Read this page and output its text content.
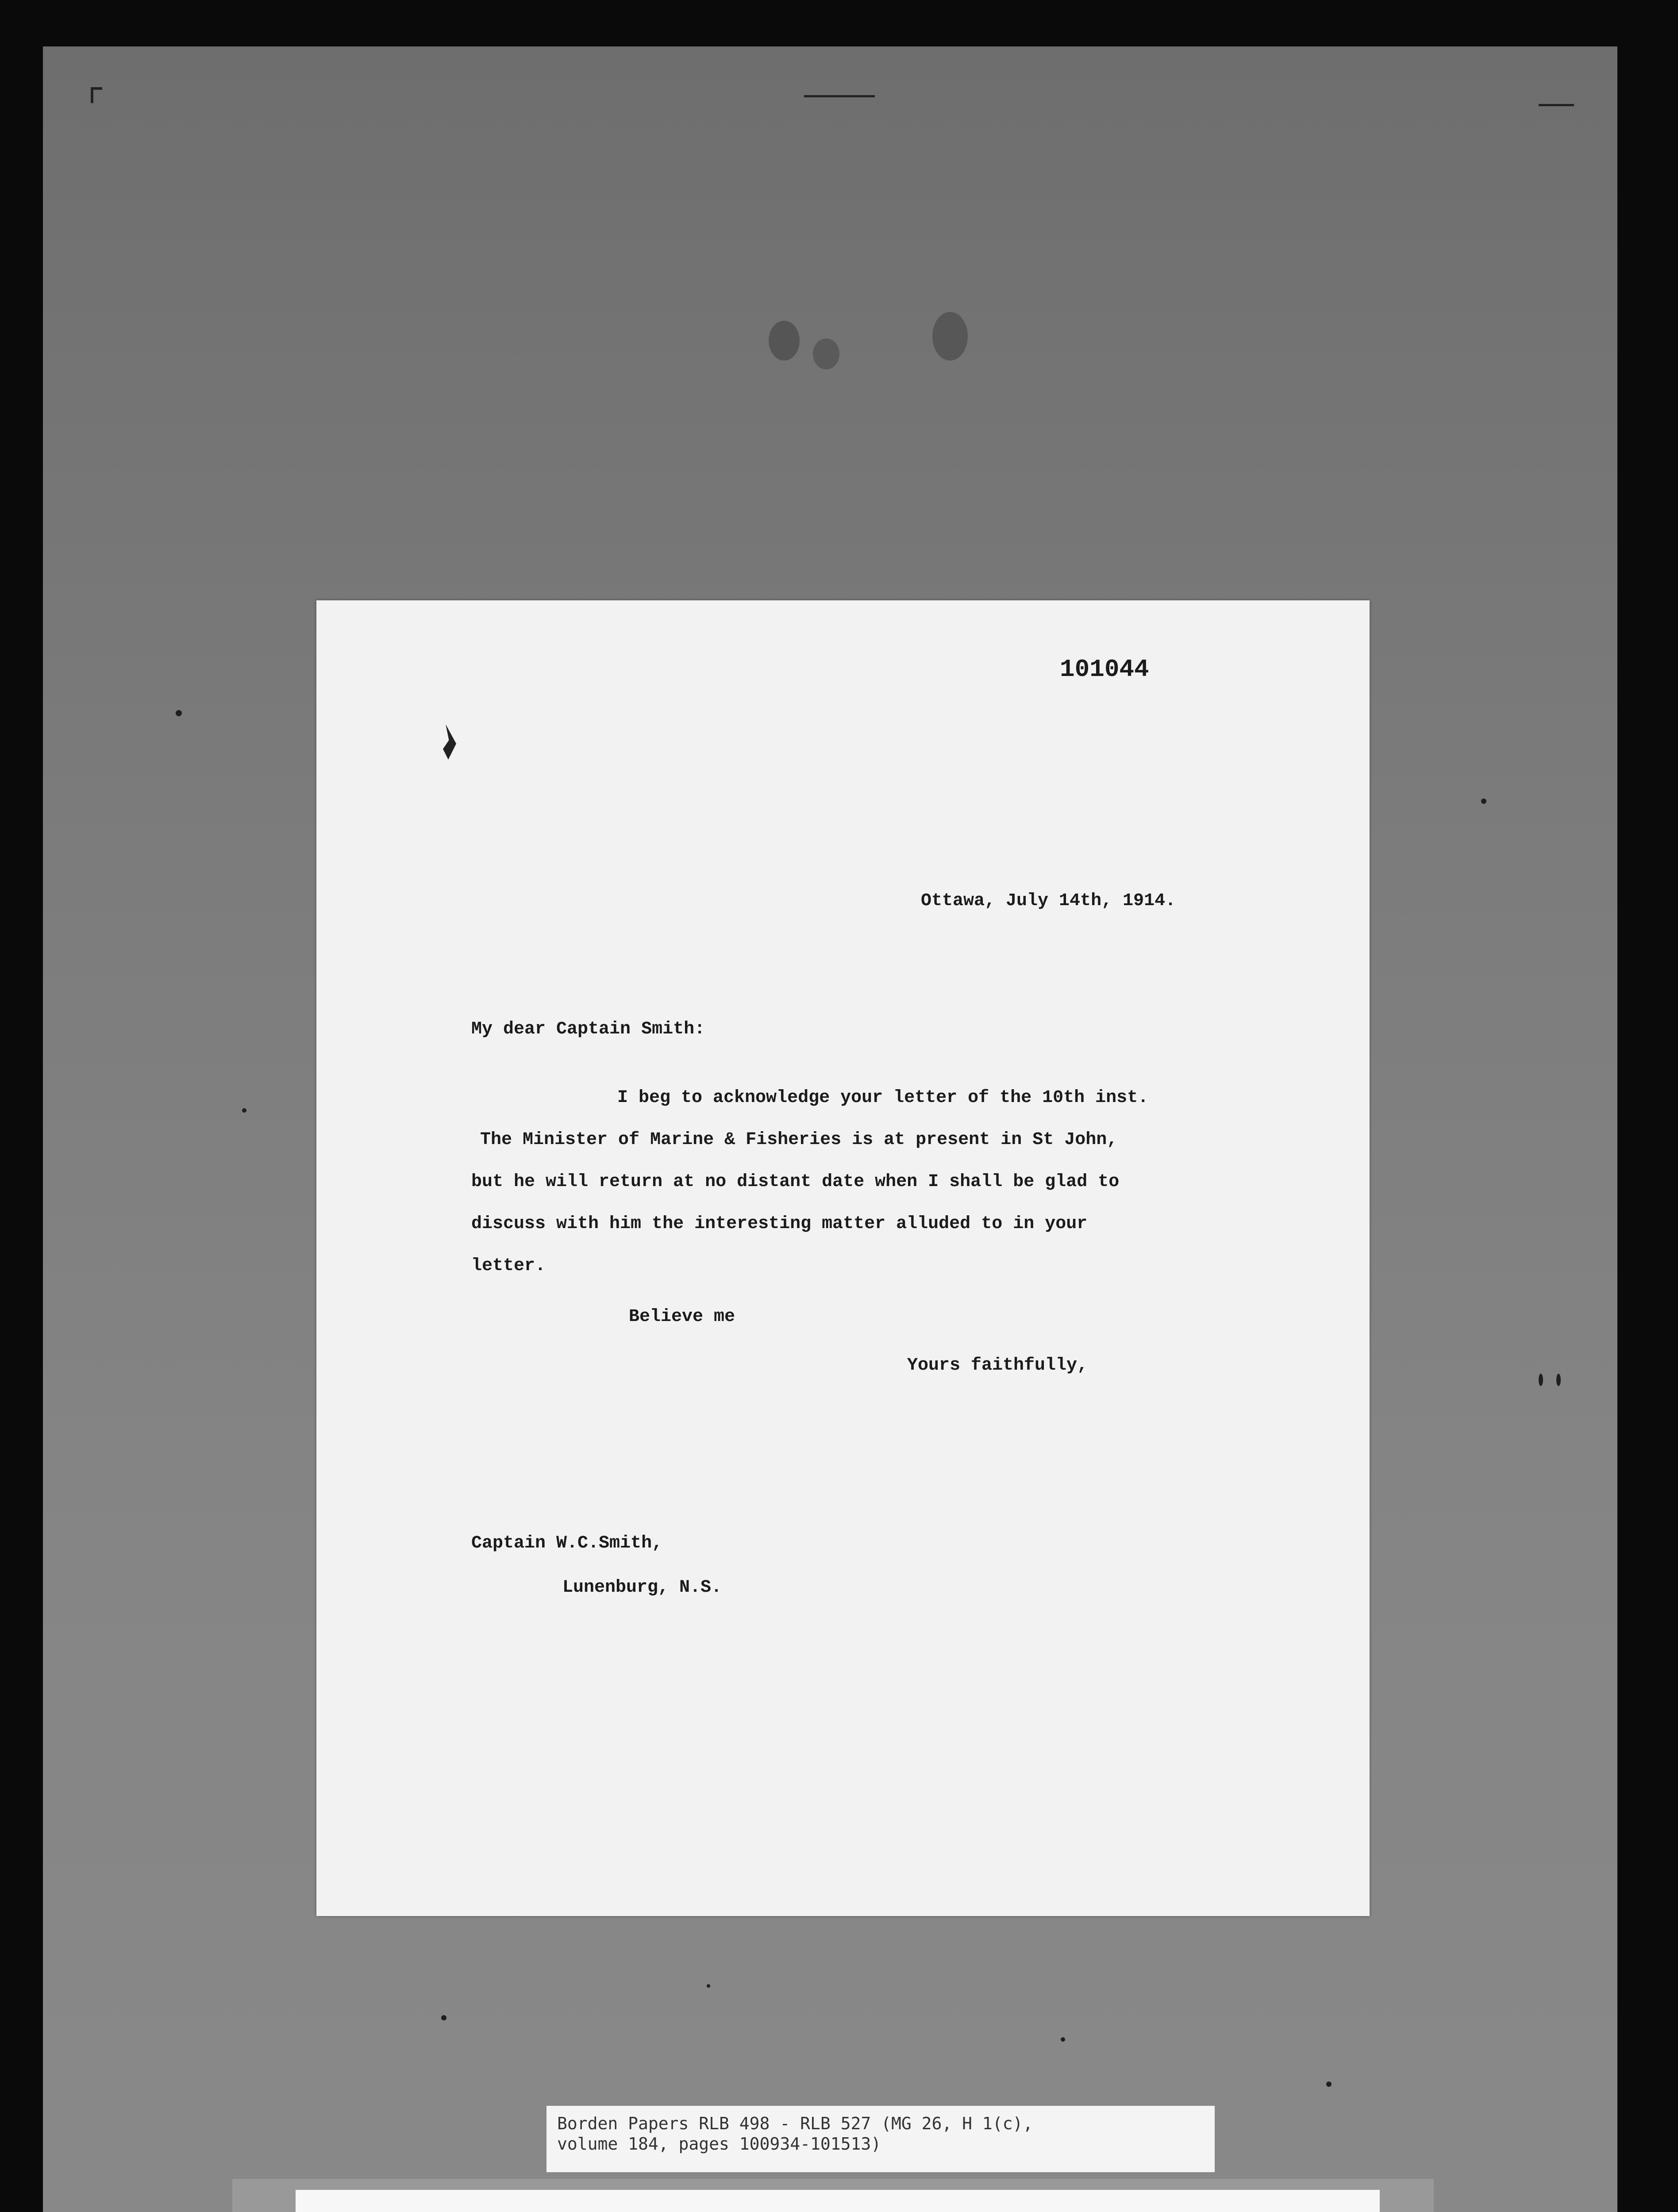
101044
Ottawa, July 14th, 1914.
My dear Captain Smith:
I beg to acknowledge your letter of the 10th inst.
The Minister of Marine & Fisheries is at present in St John,
but he will return at no distant date when I shall be glad to
discuss with him the interesting matter alluded to in your
letter.
Believe me
Yours faithfully,
Captain W.C.Smith,
Lunenburg, N.S.
Borden Papers RLB 498 - RLB 527 (MG 26, H 1(c),
volume 184, pages 100934-101513)
